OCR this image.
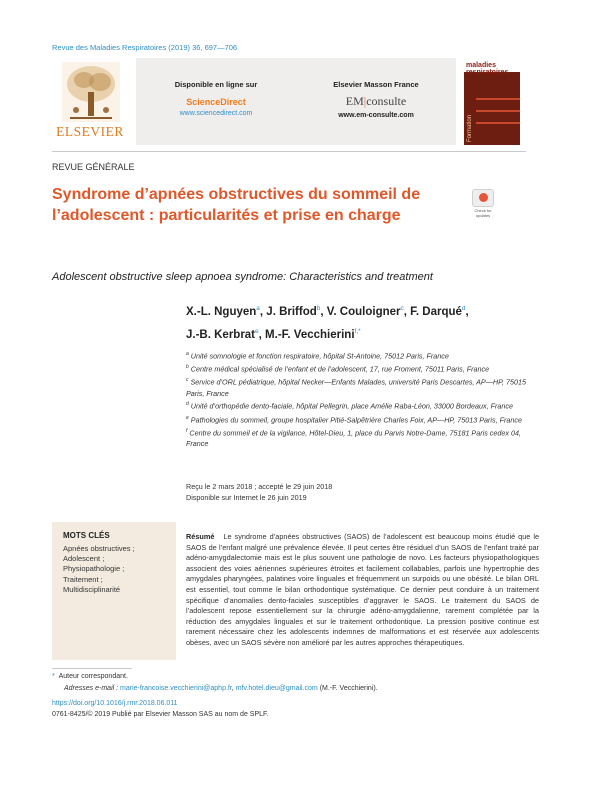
Revue des Maladies Respiratoires (2019) 36, 697—706
ELSEVIER
Disponible en ligne sur
ScienceDirect
www.sciencedirect.com
Elsevier Masson France
EM|consulte
www.em-consulte.com
maladies respiratoires
Formation
REVUE GÉNÉRALE
Syndrome d’apnées obstructives du sommeil de l’adolescent : particularités et prise en charge	Check for updates
Adolescent obstructive sleep apnoea syndrome: Characteristics and treatment
X.-L. Nguyen$^a$, J. Briffod$^b$, V. Couloigner$^c$, F. Darqué$^d$,
J.-B. Kerbrat$^e$, M.-F. Vecchierini$^{f,*}$

$^a$ Unité somnologie et fonction respiratoire, hôpital St-Antoine, 75012 Paris, France

$^b$ Centre médical spécialisé de l’enfant et de l’adolescent, 17, rue Froment, 75011 Paris, France

$^c$ Service d’ORL pédiatrique, hôpital Necker—Enfants Malades, université Paris Descartes, AP—HP, 75015 Paris, France

$^d$ Unité d’orthopédie dento-faciale, hôpital Pellegrin, place Amélie Raba-Léon, 33000 Bordeaux, France

$^e$ Pathologies du sommeil, groupe hospitalier Pitié-Salpêtrière Charles Foix, AP—HP, 75013 Paris, France

$^f$ Centre du sommeil et de la vigilance, Hôtel-Dieu, 1, place du Parvis Notre-Dame, 75181 Paris cedex 04, France

Reçu le 2 mars 2018 ; accepté le 29 juin 2018
Disponible sur Internet le 26 juin 2019
MOTS CLÉS
Apnées obstructives ;
Adolescent ;
Physiopathologie ;
Traitement ;
Multidisciplinarité
Résumé Le syndrome d’apnées obstructives (SAOS) de l’adolescent est beaucoup moins étudié que le SAOS de l’enfant malgré une prévalence élevée. Il peut certes être résiduel d’un SAOS de l’enfant traité par adéno-amygdalectomie mais est le plus souvent une pathologie de novo. Les facteurs physiopathologiques associent des voies aériennes supérieures étroites et facilement collabables, parfois une hypertrophie des amygdales pharyngées, palatines voire linguales et fréquemment un surpoids ou une obésité. Le bilan ORL est essentiel, tout comme le bilan orthodontique systématique. Ce dernier peut conduire à un traitement spécifique d’anomalies dento-faciales susceptibles d’aggraver le SAOS. Le traitement du SAOS de l’adolescent repose essentiellement sur la chirurgie adéno-amygdalienne, rarement complétée par la réduction des amygdales linguales et sur le traitement orthodontique. La pression positive continue est rarement nécessaire chez les adolescents indemnes de malformations et est réservée aux adolescents obèses, avec un SAOS sévère non amélioré par les autres approches thérapeutiques.
* Auteur correspondant.
Adresses e-mail : marie-francoise.vecchierini@aphp.fr, mfv.hotel.dieu@gmail.com (M.-F. Vecchierini).
https://doi.org/10.1016/j.rmr.2018.06.011
0761-8425/© 2019 Publié par Elsevier Masson SAS au nom de SPLF.
